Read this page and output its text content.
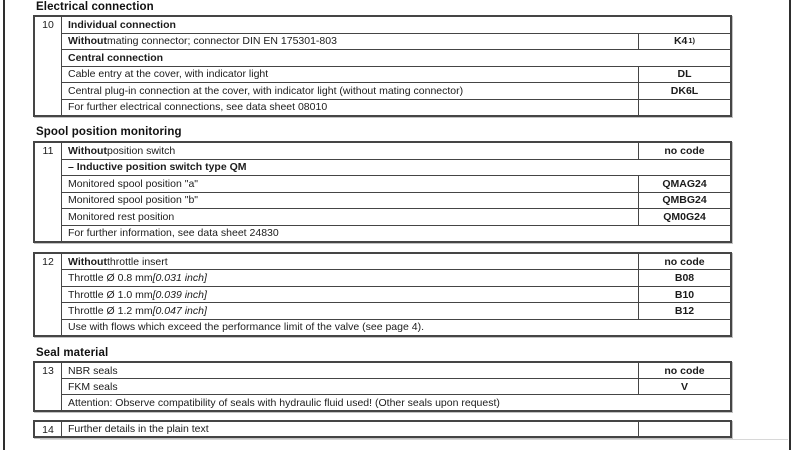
Electrical connection
10	Individual connection
Without mating connector; connector DIN EN 175301-803	K4 1)
Central connection
Cable entry at the cover, with indicator light	DL
Central plug-in connection at the cover, with indicator light (without mating connector)	DK6L
For further electrical connections, see data sheet 08010
Spool position monitoring
11	Without position switch	no code
– Inductive position switch type QM
Monitored spool position "a"	QMAG24
Monitored spool position "b"	QMBG24
Monitored rest position	QM0G24
For further information, see data sheet 24830
12	Without throttle insert	no code
Throttle Ø 0.8 mm [0.031 inch]	B08
Throttle Ø 1.0 mm [0.039 inch]	B10
Throttle Ø 1.2 mm [0.047 inch]	B12
Use with flows which exceed the performance limit of the valve (see page 4).
Seal material
13	NBR seals	no code
FKM seals	V
Attention: Observe compatibility of seals with hydraulic fluid used! (Other seals upon request)
14	Further details in the plain text
